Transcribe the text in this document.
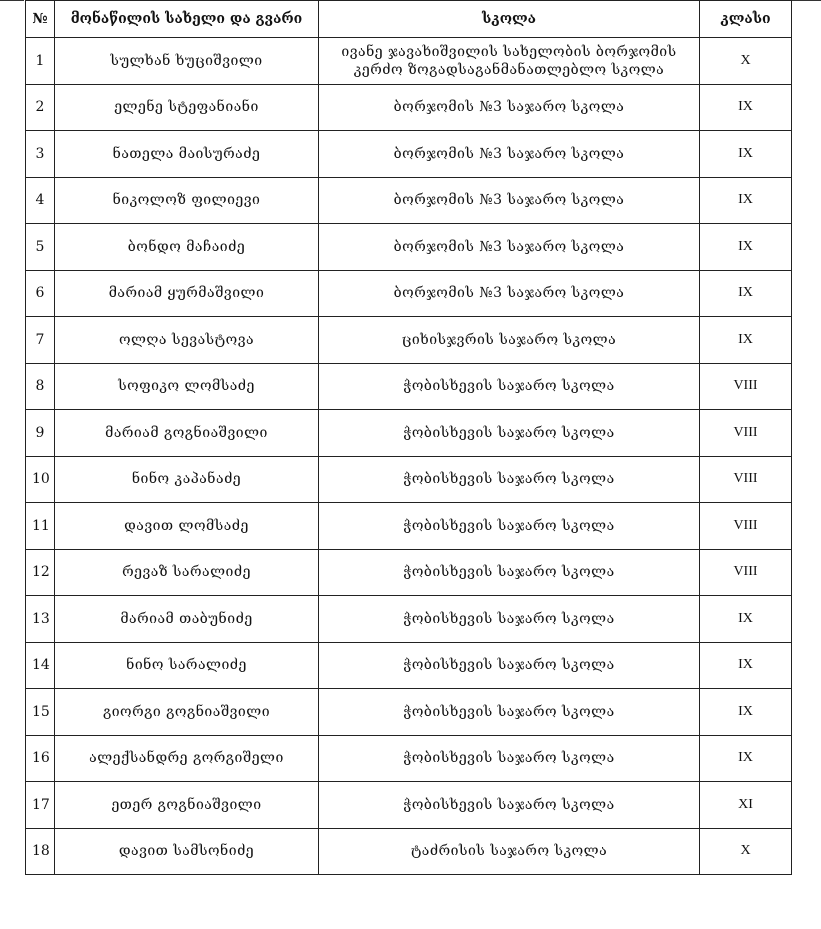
№	მონაწილის სახელი და გვარი	სკოლა	კლასი
1	სულხან ხუციშვილი	ივანე ჯავახიშვილის სახელობის ბორჯომის კერძო ზოგადსაგანმანათლებლო სკოლა	X
2	ელენე სტეფანიანი	ბორჯომის №3 საჯარო სკოლა	IX
3	ნათელა მაისურაძე	ბორჯომის №3 საჯარო სკოლა	IX
4	ნიკოლოზ ფილიევი	ბორჯომის №3 საჯარო სკოლა	IX
5	ბონდო მაჩაიძე	ბორჯომის №3 საჯარო სკოლა	IX
6	მარიამ ყურმაშვილი	ბორჯომის №3 საჯარო სკოლა	IX
7	ოლღა სევასტოვა	ციხისჯვრის საჯარო სკოლა	IX
8	სოფიკო ლომსაძე	ჭობისხევის საჯარო სკოლა	VIII
9	მარიამ გოგნიაშვილი	ჭობისხევის საჯარო სკოლა	VIII
10	ნინო კაპანაძე	ჭობისხევის საჯარო სკოლა	VIII
11	დავით ლომსაძე	ჭობისხევის საჯარო სკოლა	VIII
12	რევაზ სარალიძე	ჭობისხევის საჯარო სკოლა	VIII
13	მარიამ თაბუნიძე	ჭობისხევის საჯარო სკოლა	IX
14	ნინო სარალიძე	ჭობისხევის საჯარო სკოლა	IX
15	გიორგი გოგნიაშვილი	ჭობისხევის საჯარო სკოლა	IX
16	ალექსანდრე გორგიშელი	ჭობისხევის საჯარო სკოლა	IX
17	ეთერ გოგნიაშვილი	ჭობისხევის საჯარო სკოლა	XI
18	დავით სამსონიძე	ტაძრისის საჯარო სკოლა	X
